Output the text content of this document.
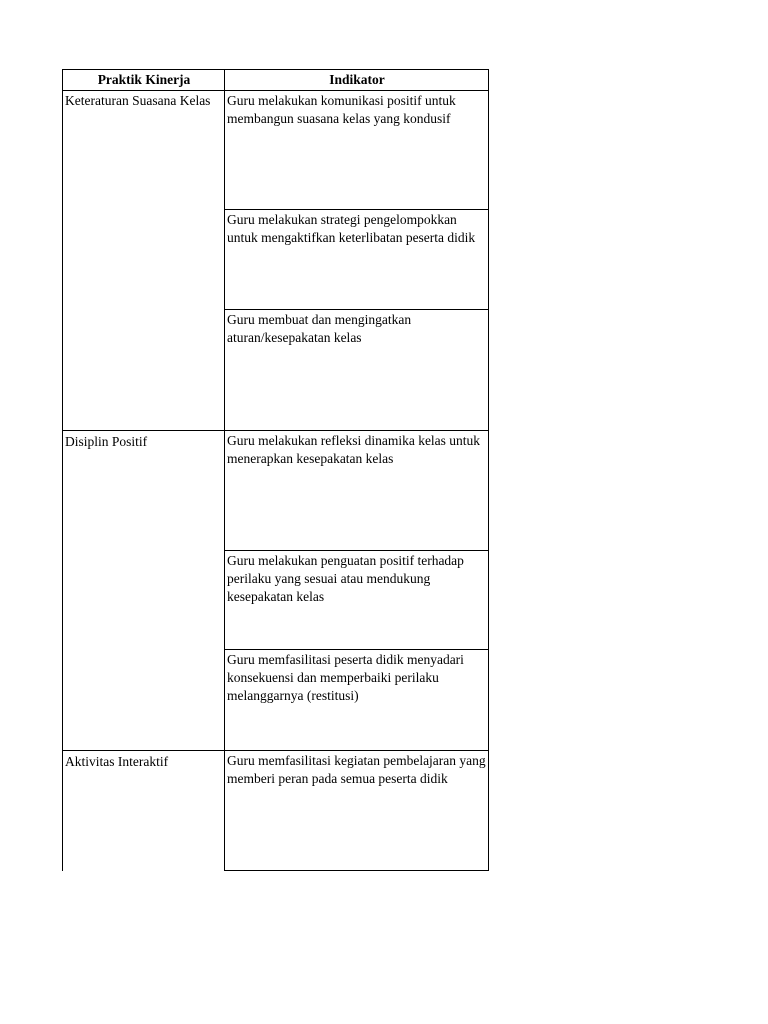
Praktik Kinerja	Indikator
Keteraturan Suasana Kelas	Guru melakukan komunikasi positif untuk membangun suasana kelas yang kondusif
Guru melakukan strategi pengelompokkan untuk mengaktifkan keterlibatan peserta didik
Guru membuat dan mengingatkan aturan/kesepakatan kelas
Disiplin Positif	Guru melakukan refleksi dinamika kelas untuk menerapkan kesepakatan kelas
Guru melakukan penguatan positif terhadap perilaku yang sesuai atau mendukung kesepakatan kelas
Guru memfasilitasi peserta didik menyadari konsekuensi dan memperbaiki perilaku melanggarnya (restitusi)
Aktivitas Interaktif	Guru memfasilitasi kegiatan pembelajaran yang memberi peran pada semua peserta didik
